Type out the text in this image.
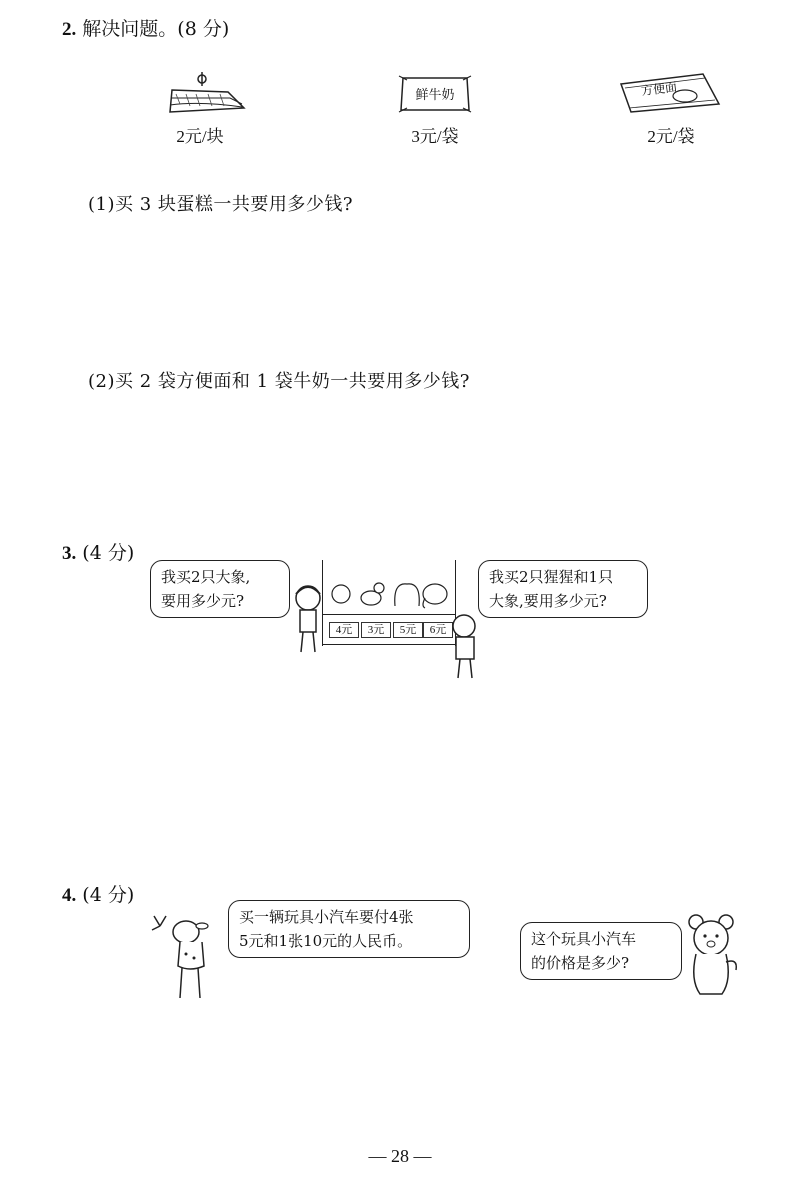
2. 解决问题。(8 分)
2元/块
鲜牛奶
3元/袋
方便面
2元/袋
(1)买 3 块蛋糕一共要用多少钱?
(2)买 2 袋方便面和 1 袋牛奶一共要用多少钱?
3. (4 分)
我买2只大象,
要用多少元?
4元	3元	5元	6元
我买2只猩猩和1只
大象,要用多少元?
4. (4 分)
买一辆玩具小汽车要付4张
5元和1张10元的人民币。	这个玩具小汽车
的价格是多少?
— 28 —
